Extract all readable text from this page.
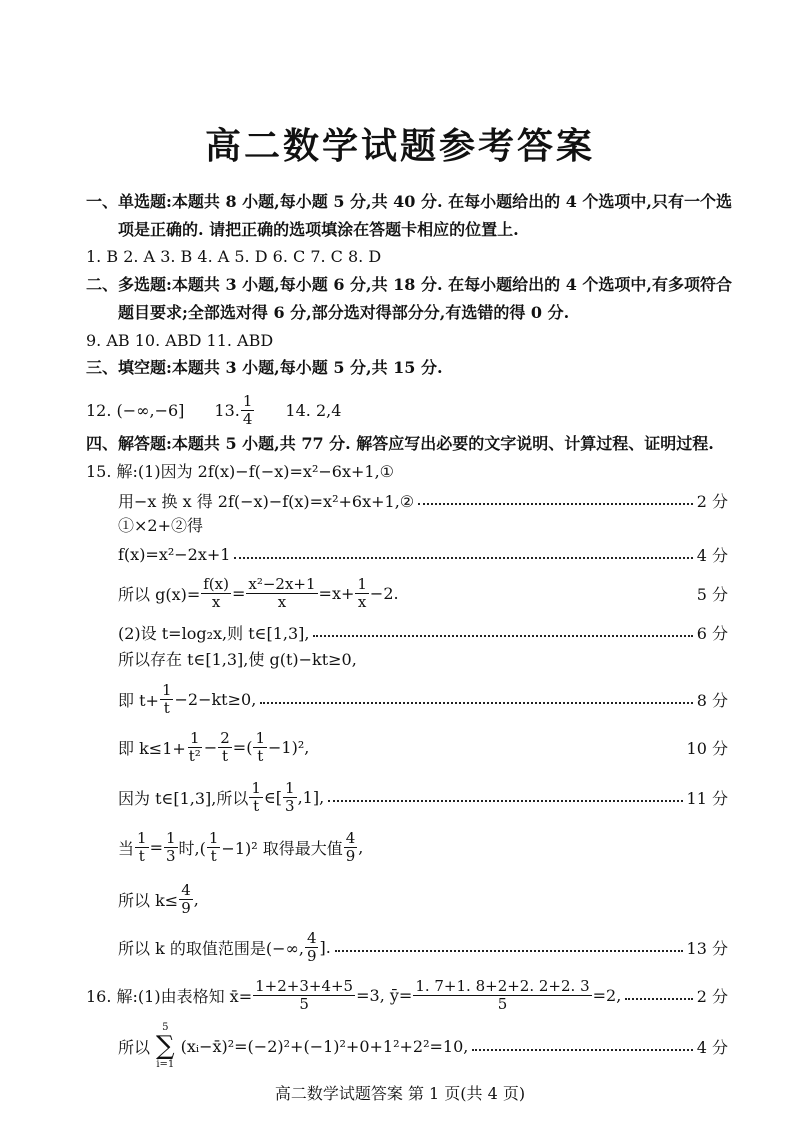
高二数学试题参考答案
一、单选题:本题共 8 小题,每小题 5 分,共 40 分. 在每小题给出的 4 个选项中,只有一个选
项是正确的. 请把正确的选项填涂在答题卡相应的位置上.
1. B 2. A 3. B 4. A 5. D 6. C 7. C 8. D
二、多选题:本题共 3 小题,每小题 6 分,共 18 分. 在每小题给出的 4 个选项中,有多项符合
题目要求;全部选对得 6 分,部分选对得部分分,有选错的得 0 分.
9. AB 10. ABD 11. ABD
三、填空题:本题共 3 小题,每小题 5 分,共 15 分.
12. (−∞,−6] 13. $\frac{1}{4} 14$. 2,4
四、解答题:本题共 5 小题,共 77 分. 解答应写出必要的文字说明、计算过程、证明过程.
15. 解:(1)因为 2f(x)−f(−x)=x²−6x+1,①
用−x 换 x 得 2f(−x)−f(x)=x²+6x+1,②	2 分
①×2+②得
f(x)=x²−2x+1	4 分
所以 $g(x)= \frac{f(x)}{x} = \frac{\text{x²−2x+1}}{x} =x+ \frac{1}{x} -2$.	5 分
(2)设 t=log₂x,则 t∈[1,3],	6 分
所以存在 t∈[1,3],使 g(t)−kt≥0,
即 $t+ \frac{1}{t} -2-kt\ge 0$,	8 分
即 $k\le 1+ \frac{1}{\text{t²}} - \frac{2}{t}$ =( $\frac{1}{t} -1)^2$,	10 分
因为 t∈[1,3],所以 $\frac{1}{t}$ ∈[ $\frac{1}{3} ,1$],	11 分
当 $\frac{1}{t} = \frac{1}{3}$ 时,( $\frac{1}{t} -1)^2$ 取得最大值 $\frac{4}{9}$ ,
所以 $k\le \frac{4}{9}$ ,
所以 k 的取值范围是(−∞, $\frac{4}{9}$ ].	13 分
16. 解:(1)由表格知 x̄= $\frac{1+2+3+4+5}{5} =3$, ȳ= $\frac{1. 7+1. 8+2+2. 2+2. 3}{5} =2$,	2 分
所以
5
∑
i=1
(xᵢ−x̄)²=(−2)²+(−1)²+0+1²+2²=10,	4 分
高二数学试题答案 第 1 页(共 4 页)
